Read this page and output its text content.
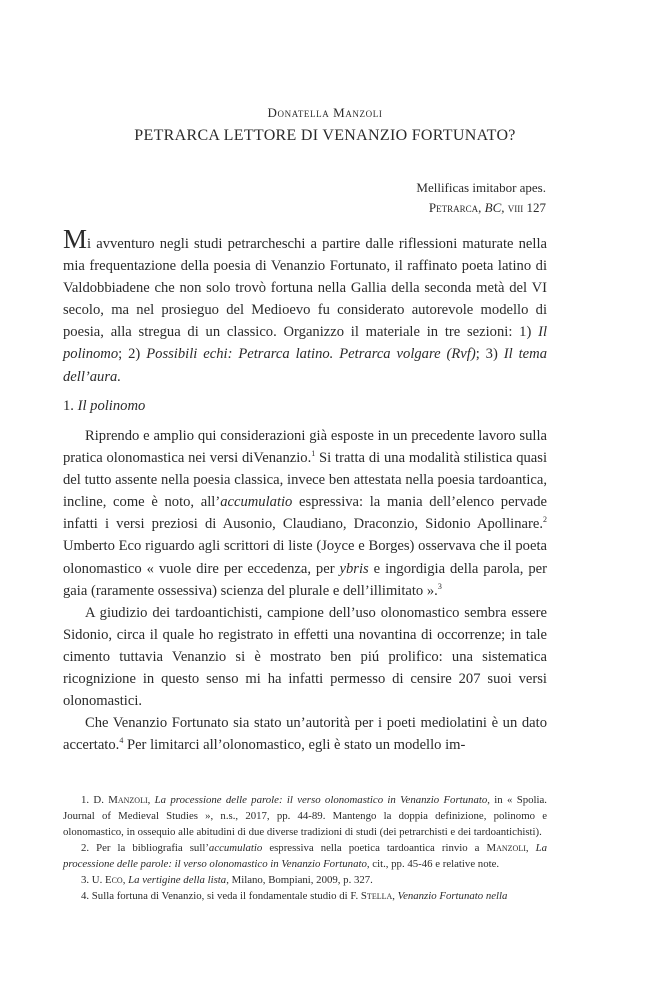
Donatella Manzoli
PETRARCA LETTORE DI VENANZIO FORTUNATO?
Mellificas imitabor apes.
Petrarca, BC, viii 127
Mi avventuro negli studi petrarcheschi a partire dalle riflessioni maturate nella mia frequentazione della poesia di Venanzio Fortunato, il raffinato poeta latino di Valdobbiadene che non solo trovò fortuna nella Gallia della seconda metà del VI secolo, ma nel prosieguo del Medioevo fu considerato autorevole modello di poesia, alla stregua di un classico. Organizzo il materiale in tre sezioni: 1) Il polinomo; 2) Possibili echi: Petrarca latino. Petrarca volgare (Rvf); 3) Il tema dell’aura.
1. Il polinomo

Riprendo e amplio qui considerazioni già esposte in un precedente lavoro sulla pratica olonomastica nei versi diVenanzio.$^1$ Si tratta di una modalità stilistica quasi del tutto assente nella poesia classica, invece ben attestata nella poesia tardoantica, incline, come è noto, all’accumulatio espressiva: la mania dell’elenco pervade infatti i versi preziosi di Ausonio, Claudiano, Draconzio, Sidonio Apollinare.$^2$ Umberto Eco riguardo agli scrittori di liste (Joyce e Borges) osservava che il poeta olonomastico « vuole dire per eccedenza, per ybris e ingordigia della parola, per gaia (raramente ossessiva) scienza del plurale e dell’illimitato ».$^3$

A giudizio dei tardoantichisti, campione dell’uso olonomastico sembra essere Sidonio, circa il quale ho registrato in effetti una novantina di occorrenze; in tale cimento tuttavia Venanzio si è mostrato ben piú prolifico: una sistematica ricognizione in questo senso mi ha infatti permesso di censire 207 suoi versi olonomastici.

Che Venanzio Fortunato sia stato un’autorità per i poeti mediolatini è un dato accertato.$^4$ Per limitarci all’olonomastico, egli è stato un modello im-

1. D. Manzoli, La processione delle parole: il verso olonomastico in Venanzio Fortunato, in « Spolia. Journal of Medieval Studies », n.s., 2017, pp. 44-89. Mantengo la doppia definizione, polinomo e olonomastico, in ossequio alle abitudini di due diverse tradizioni di studi (dei petrarchisti e dei tardoantichisti).

2. Per la bibliografia sull’accumulatio espressiva nella poetica tardoantica rinvio a Manzoli, La processione delle parole: il verso olonomastico in Venanzio Fortunato, cit., pp. 45-46 e relative note.

3. U. Eco, La vertigine della lista, Milano, Bompiani, 2009, p. 327.

4. Sulla fortuna di Venanzio, si veda il fondamentale studio di F. Stella, Venanzio Fortunato nella
